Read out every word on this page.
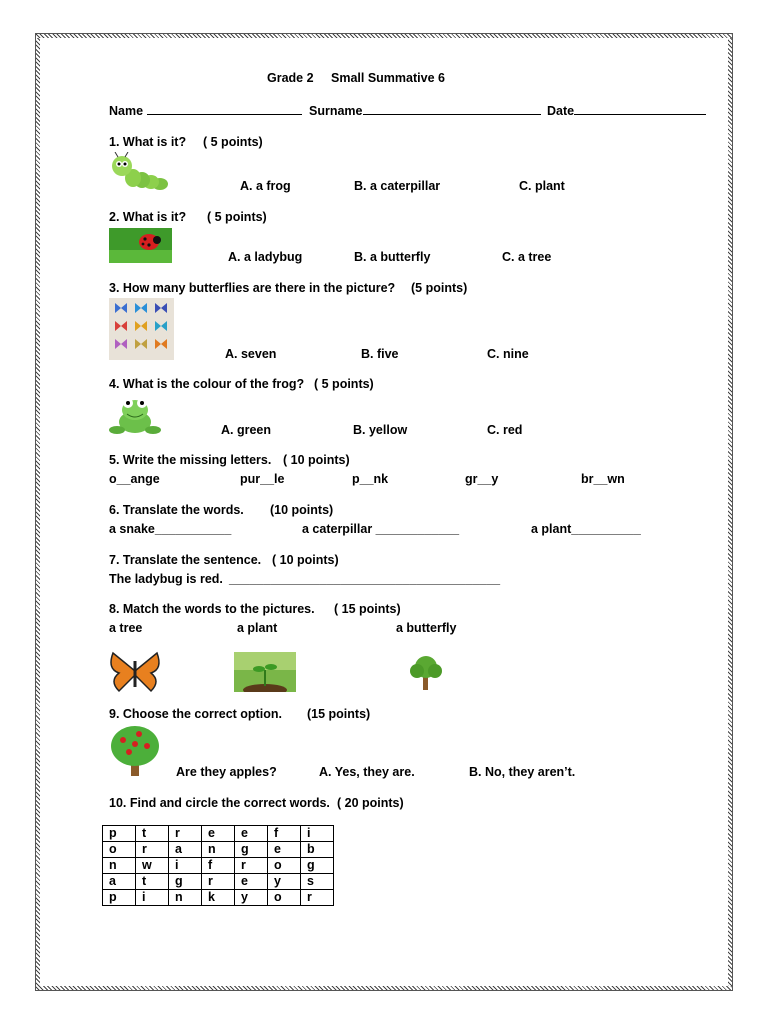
Grade 2 Small Summative 6
Name	Surname	Date
1. What is it? ( 5 points)
A. a frog	B. a caterpillar	C. plant
2. What is it? ( 5 points)
A. a ladybug	B. a butterfly	C. a tree
3. How many butterflies are there in the picture? (5 points)
A. seven	B. five	C. nine
4. What is the colour of the frog? ( 5 points)
A. green	B. yellow	C. red
5. Write the missing letters. ( 10 points)
o__ange	pur__le	p__nk	gr__y	br__wn
6. Translate the words. (10 points)
a snake___________	a caterpillar ____________	a plant__________
7. Translate the sentence. ( 10 points)
The ladybug is red. _______________________________________
8. Match the words to the pictures. ( 15 points)
a tree	a plant	a butterfly
9. Choose the correct option. (15 points)
Are they apples?	A. Yes, they are.	B. No, they aren’t.
10. Find and circle the correct words. ( 20 points)
p	t	r	e	e	f	i
o	r	a	n	g	e	b
n	w	i	f	r	o	g
a	t	g	r	e	y	s
p	i	n	k	y	o	r
